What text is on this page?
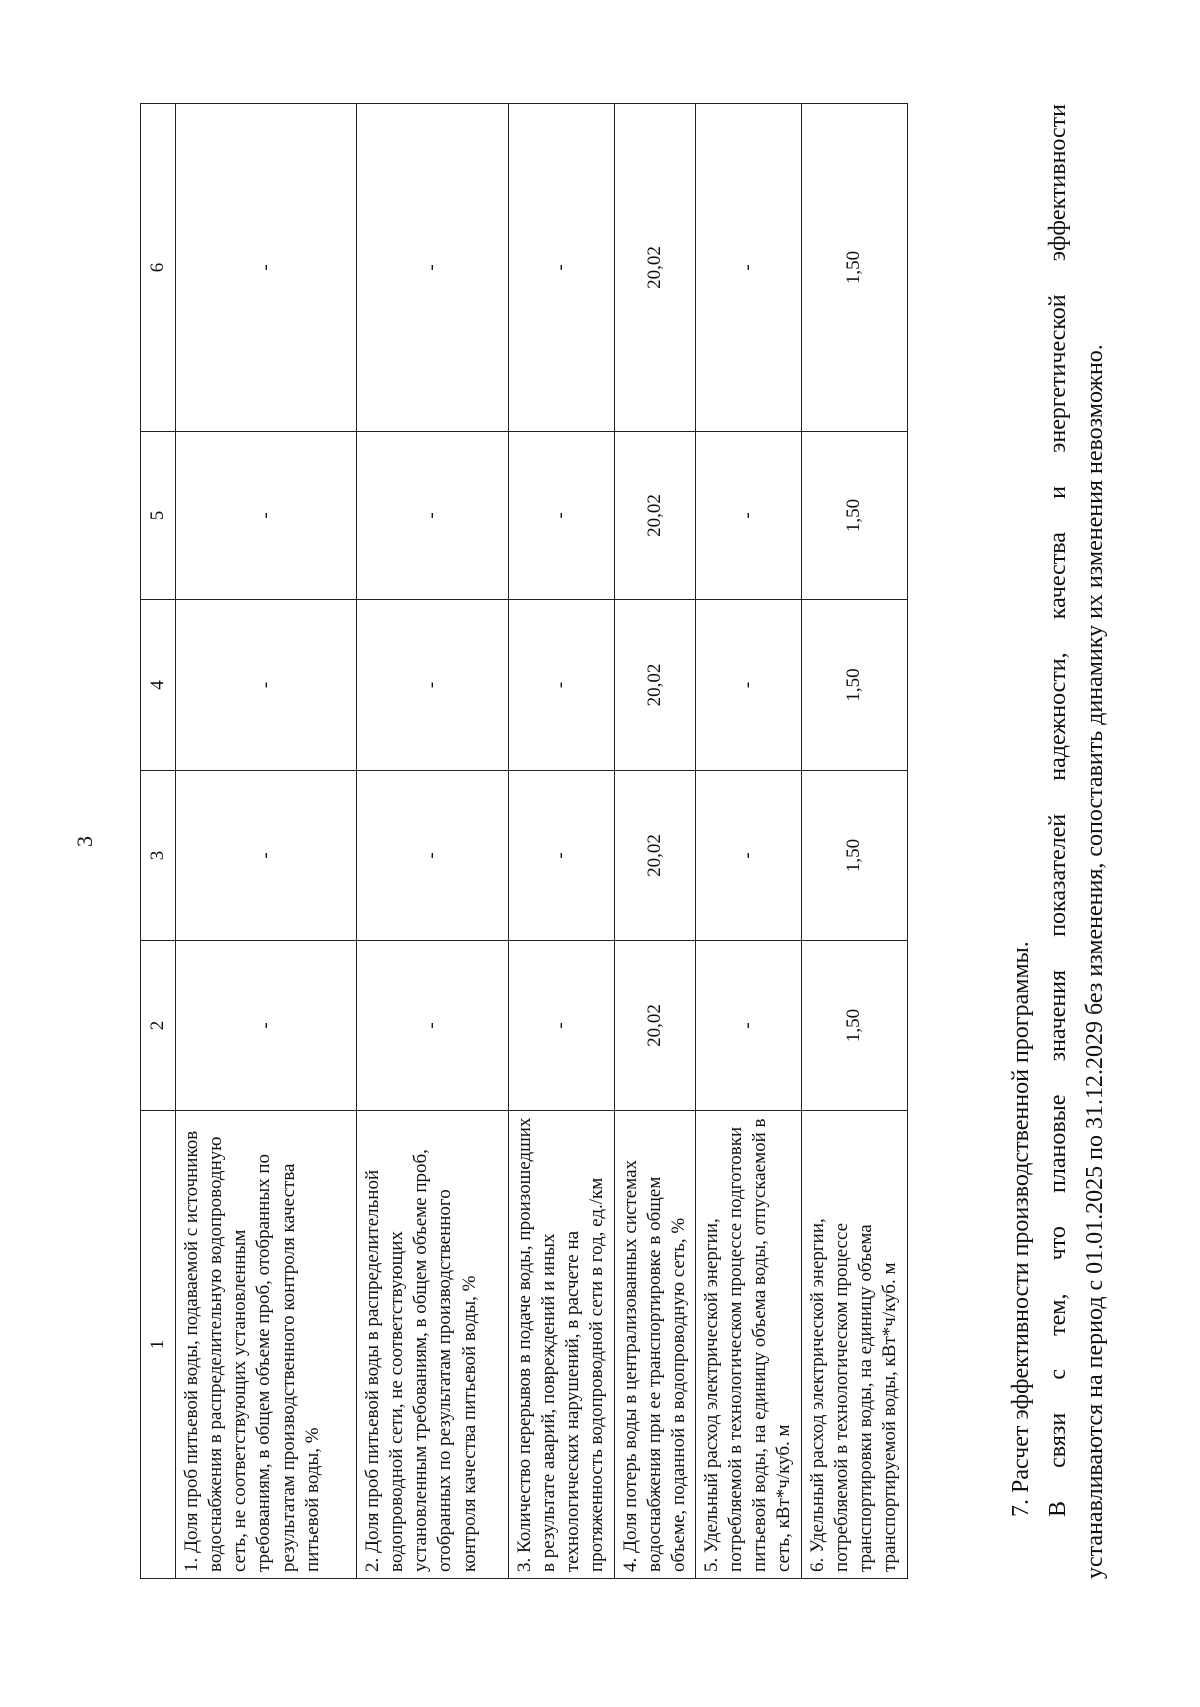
3
1	2	3	4	5	6
1. Доля проб питьевой воды, подаваемой с источников водоснабжения в распределительную водопроводную сеть, не соответствующих установленным требованиям, в общем объеме проб, отобранных по результатам производственного контроля качества питьевой воды, %	-	-	-	-	-
2. Доля проб питьевой воды в распределительной водопроводной сети, не соответствующих установленным требованиям, в общем объеме проб, отобранных по результатам производственного контроля качества питьевой воды, %	-	-	-	-	-
3. Количество перерывов в подаче воды, произошедших в результате аварий, повреждений и иных технологических нарушений, в расчете на протяженность водопроводной сети в год, ед./км	-	-	-	-	-
4. Доля потерь воды в централизованных системах водоснабжения при ее транспортировке в общем объеме, поданной в водопроводную сеть, %	20,02	20,02	20,02	20,02	20,02
5. Удельный расход электрической энергии, потребляемой в технологическом процессе подготовки питьевой воды, на единицу объема воды, отпускаемой в сеть, кВт*ч/куб. м	-	-	-	-	-
6. Удельный расход электрической энергии, потребляемой в технологическом процессе транспортировки воды, на единицу объема транспортируемой воды, кВт*ч/куб. м	1,50	1,50	1,50	1,50	1,50
7. Расчет эффективности производственной программы. В связи с тем, что плановые значения показателей надежности, качества и энергетической эффективности устанавливаются на период с 01.01.2025 по 31.12.2029 без изменения, сопоставить динамику их изменения невозможно.
